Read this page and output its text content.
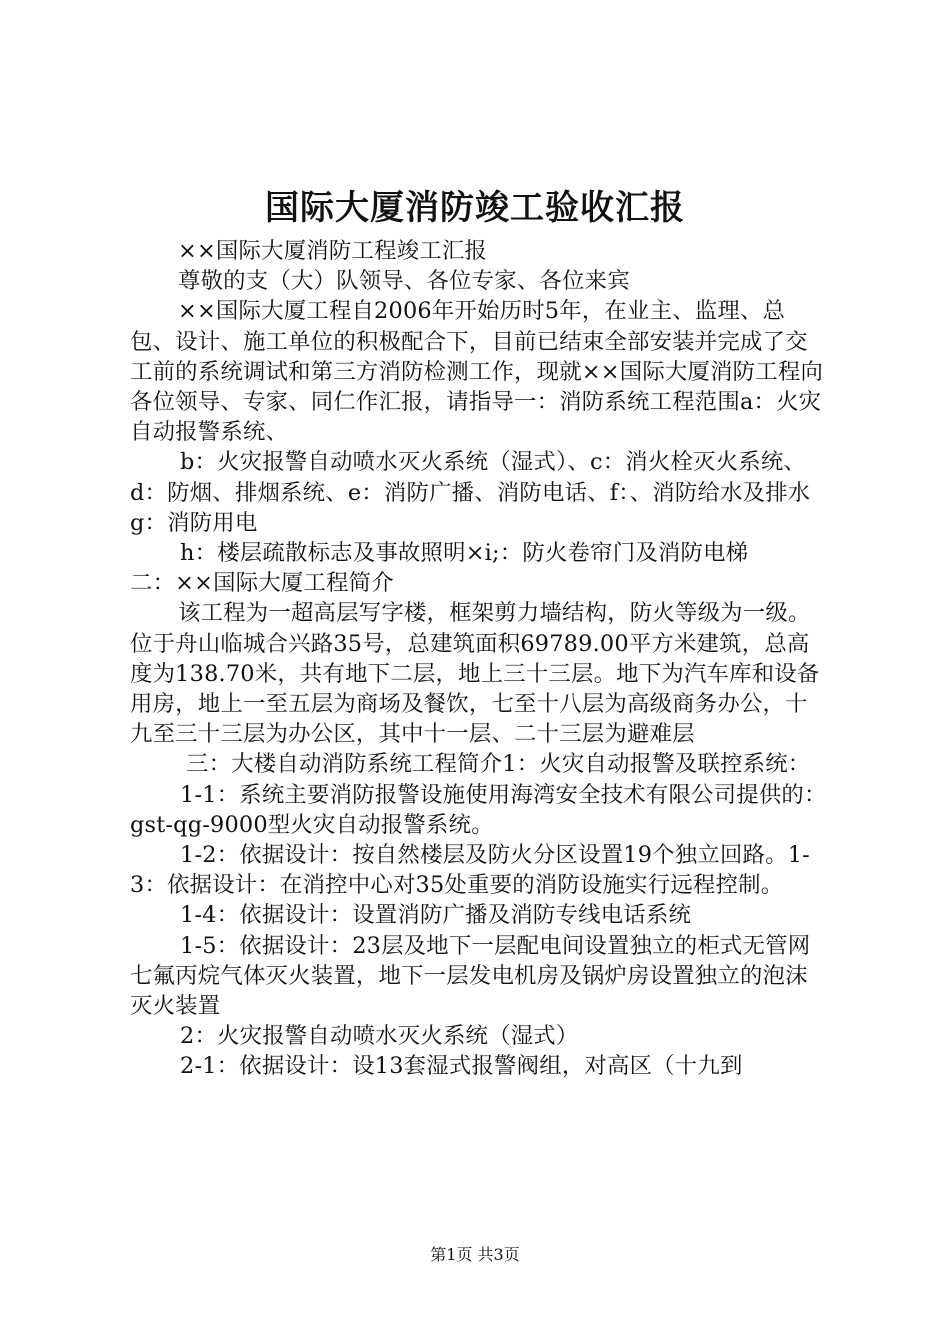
国际大厦消防竣工验收汇报

××国际大厦消防工程竣工汇报

尊敬的支（大）队领导、各位专家、各位来宾

××国际大厦工程自2006年开始历时5年，在业主、监理、总包、设计、施工单位的积极配合下，目前已结束全部安装并完成了交工前的系统调试和第三方消防检测工作，现就××国际大厦消防工程向各位领导、专家、同仁作汇报，请指导一：消防系统工程范围a：火灾自动报警系统、

b：火灾报警自动喷水灭火系统（湿式）、c：消火栓灭火系统、d：防烟、排烟系统、e：消防广播、消防电话、f：、消防给水及排水g：消防用电

h：楼层疏散标志及事故照明×i;：防火卷帘门及消防电梯

二：××国际大厦工程简介

该工程为一超高层写字楼，框架剪力墙结构，防火等级为一级。位于舟山临城合兴路35号，总建筑面积69789.00平方米建筑，总高度为138.70米，共有地下二层，地上三十三层。地下为汽车库和设备用房，地上一至五层为商场及餐饮，七至十八层为高级商务办公，十九至三十三层为办公区，其中十一层、二十三层为避难层

三：大楼自动消防系统工程简介1：火灾自动报警及联控系统：

1-1：系统主要消防报警设施使用海湾安全技术有限公司提供的：gst-qg-9000型火灾自动报警系统。

1-2：依据设计：按自然楼层及防火分区设置19个独立回路。1-3：依据设计：在消控中心对35处重要的消防设施实行远程控制。

1-4：依据设计：设置消防广播及消防专线电话系统

1-5：依据设计：23层及地下一层配电间设置独立的柜式无管网七氟丙烷气体灭火装置，地下一层发电机房及锅炉房设置独立的泡沫灭火装置

2：火灾报警自动喷水灭火系统（湿式）

2-1：依据设计：设13套湿式报警阀组，对高区（十九到

第1页 共3页
